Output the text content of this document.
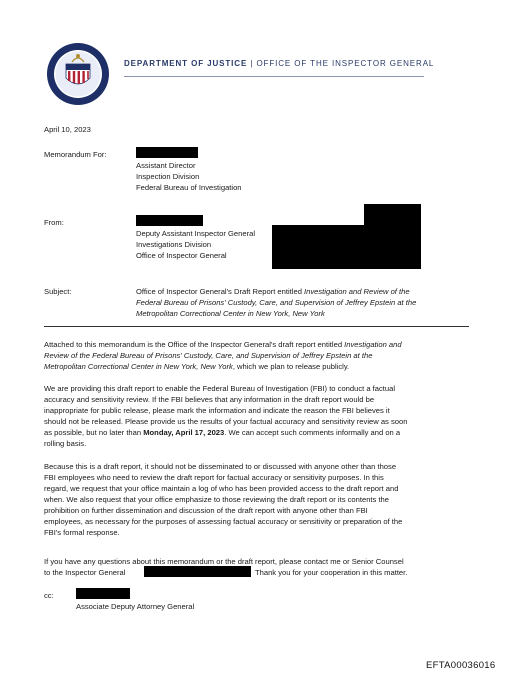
DEPARTMENT OF JUSTICE | OFFICE OF THE INSPECTOR GENERAL
April 10, 2023
Memorandum For:
Assistant Director
Inspection Division
Federal Bureau of Investigation
From:
Deputy Assistant Inspector General
Investigations Division
Office of Inspector General
Subject:	Office of Inspector General's Draft Report entitled Investigation and Review of the
Federal Bureau of Prisons' Custody, Care, and Supervision of Jeffrey Epstein at the
Metropolitan Correctional Center in New York, New York
Attached to this memorandum is the Office of the Inspector General's draft report entitled Investigation and
Review of the Federal Bureau of Prisons' Custody, Care, and Supervision of Jeffrey Epstein at the
Metropolitan Correctional Center in New York, New York, which we plan to release publicly.
We are providing this draft report to enable the Federal Bureau of Investigation (FBI) to conduct a factual
accuracy and sensitivity review. If the FBI believes that any information in the draft report would be
inappropriate for public release, please mark the information and indicate the reason the FBI believes it
should not be released. Please provide us the results of your factual accuracy and sensitivity review as soon
as possible, but no later than Monday, April 17, 2023. We can accept such comments informally and on a
rolling basis.
Because this is a draft report, it should not be disseminated to or discussed with anyone other than those
FBI employees who need to review the draft report for factual accuracy or sensitivity purposes. In this
regard, we request that your office maintain a log of who has been provided access to the draft report and
when. We also request that your office emphasize to those reviewing the draft report or its contents the
prohibition on further dissemination and discussion of the draft report with anyone other than FBI
employees, as necessary for the purposes of assessing factual accuracy or sensitivity or preparation of the
FBI's formal response.
If you have any questions about this memorandum or the draft report, please contact me or Senior Counsel
to the Inspector General	Thank you for your cooperation in this matter.
cc:
Associate Deputy Attorney General
EFTA00036016
